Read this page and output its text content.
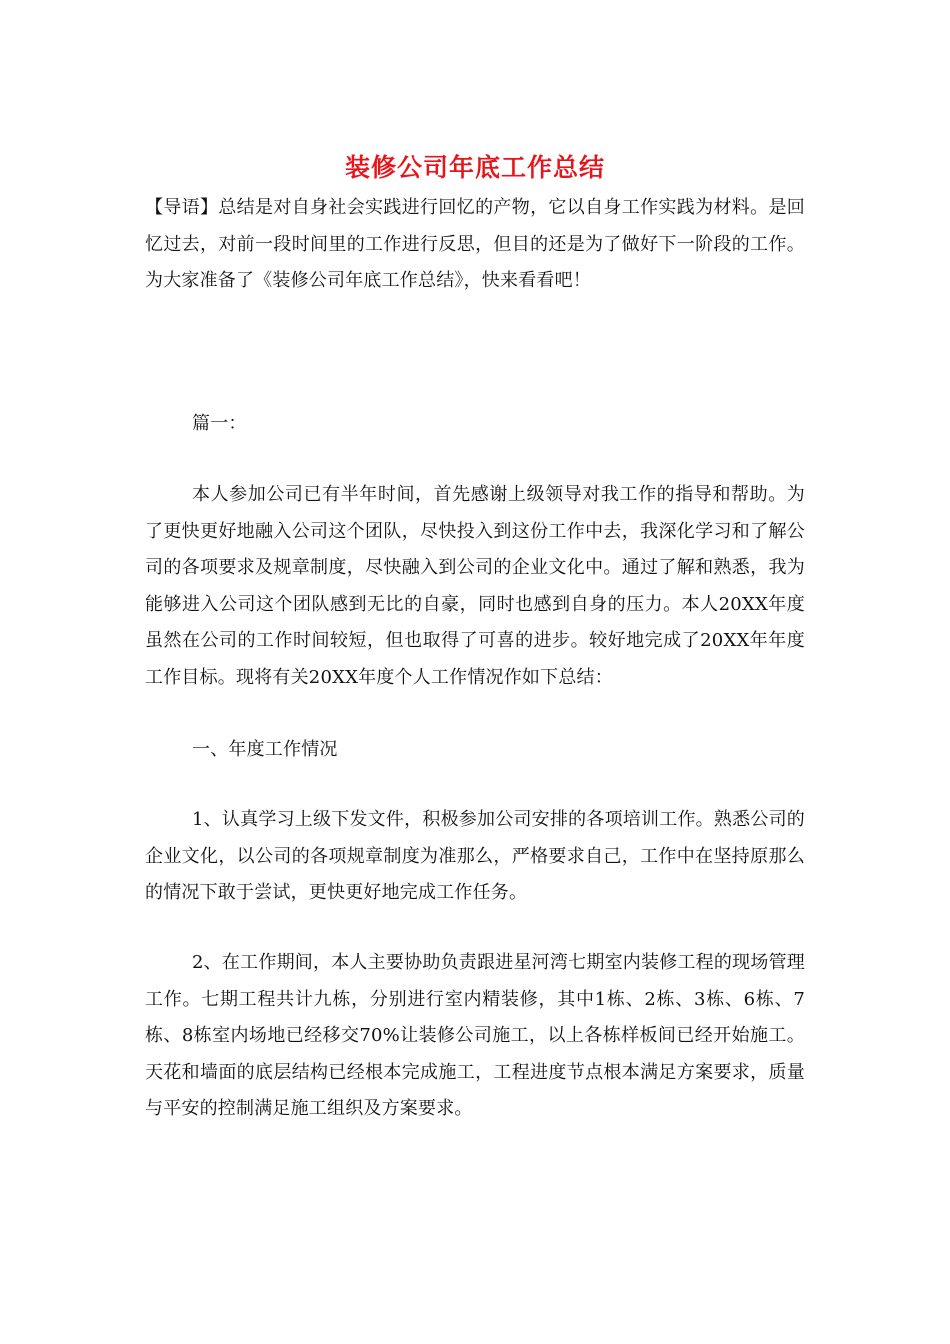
装修公司年底工作总结
【导语】总结是对自身社会实践进行回忆的产物，它以自身工作实践为材料。是回忆过去，对前一段时间里的工作进行反思，但目的还是为了做好下一阶段的工作。为大家准备了《装修公司年底工作总结》，快来看看吧！
篇一：
本人参加公司已有半年时间，首先感谢上级领导对我工作的指导和帮助。为了更快更好地融入公司这个团队，尽快投入到这份工作中去，我深化学习和了解公司的各项要求及规章制度，尽快融入到公司的企业文化中。通过了解和熟悉，我为能够进入公司这个团队感到无比的自豪，同时也感到自身的压力。本人20XX年度虽然在公司的工作时间较短，但也取得了可喜的进步。较好地完成了20XX年年度工作目标。现将有关20XX年度个人工作情况作如下总结：
一、年度工作情况
1、认真学习上级下发文件，积极参加公司安排的各项培训工作。熟悉公司的企业文化，以公司的各项规章制度为准那么，严格要求自己，工作中在坚持原那么的情况下敢于尝试，更快更好地完成工作任务。
2、在工作期间，本人主要协助负责跟进星河湾七期室内装修工程的现场管理工作。七期工程共计九栋，分别进行室内精装修，其中1栋、2栋、3栋、6栋、7栋、8栋室内场地已经移交70%让装修公司施工，以上各栋样板间已经开始施工。天花和墙面的底层结构已经根本完成施工，工程进度节点根本满足方案要求，质量与平安的控制满足施工组织及方案要求。
